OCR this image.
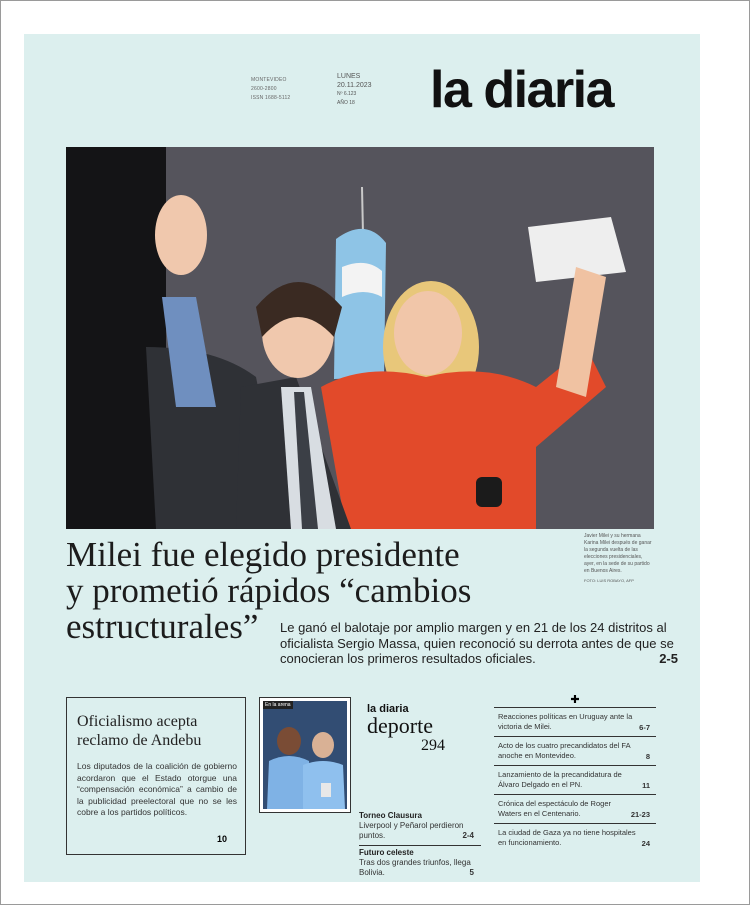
MONTEVIDEO
2600-2800
ISSN 1688-5112
LUNES
20.11.2023
Nº 6.123
AÑO 18	la diaria
Javier Milei y su hermana Karina Milei después de ganar la segunda vuelta de las elecciones presidenciales, ayer, en la sede de su partido en Buenos Aires.
FOTO: LUIS ROBAYO, AFP
Milei fue elegido presidente
y prometió rápidos “cambios
estructurales”	Le ganó el balotaje por amplio margen y en 21 de los 24 distritos al oficialista Sergio Massa, quien reconoció su derrota antes de que se conocieran los primeros resultados oficiales.	2-5
Oficialismo acepta reclamo de Andebu
Los diputados de la coalición de gobierno acordaron que el Estado otorgue una “compensación económica” a cambio de la publicidad preelectoral que no se les cobre a los partidos políticos.
10
En la arena	la diaria
deporte
294
Torneo Clausura
Liverpool y Peñarol perdieron puntos.	2-4
Futuro celeste
Tras dos grandes triunfos, llega Bolivia.	5
✚
Reacciones políticas en Uruguay ante la victoria de Milei.	6-7
Acto de los cuatro precandidatos del FA anoche en Montevideo.	8
Lanzamiento de la precandidatura de Álvaro Delgado en el PN.	11
Crónica del espectáculo de Roger Waters en el Centenario.	21-23
La ciudad de Gaza ya no tiene hospitales en funcionamiento.	24
